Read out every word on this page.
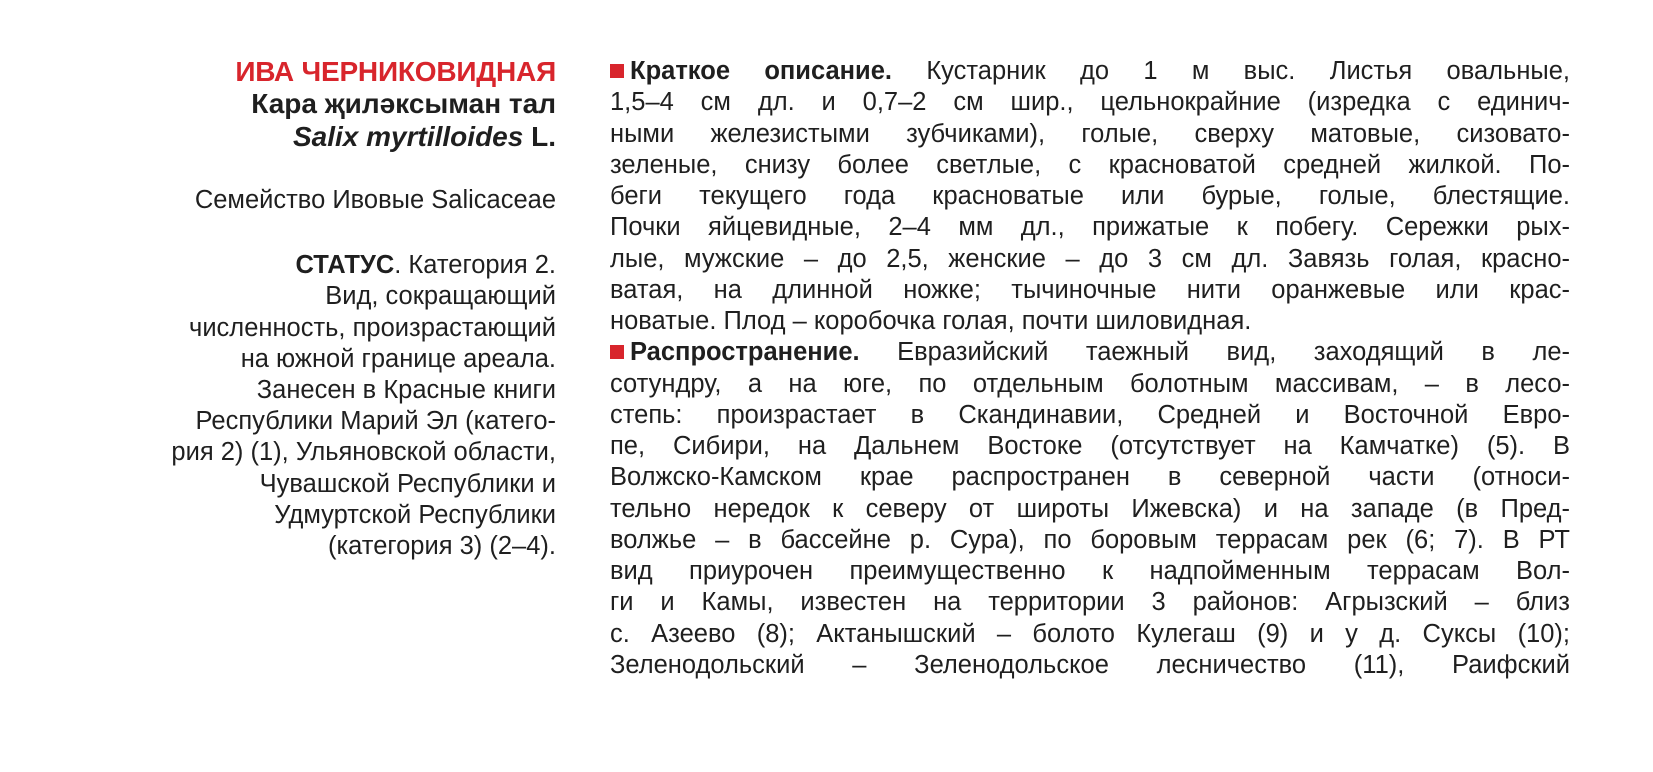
ИВА ЧЕРНИКОВИДНАЯ
Кара җиләксыман тал
Salix myrtilloides L.
Семейство Ивовые Salicaceae
СТАТУС. Категория 2.
Вид, сокращающий
численность, произрастающий
на южной границе ареала.
Занесен в Красные книги
Республики Марий Эл (катего-
рия 2) (1), Ульяновской области,
Чувашской Республики и
Удмуртской Республики
(категория 3) (2–4).
Краткое описание. Кустарник до 1 м выс. Листья овальные,
1,5–4 см дл. и 0,7–2 см шир., цельнокрайние (изредка с единич-
ными железистыми зубчиками), голые, сверху матовые, сизовато-
зеленые, снизу более светлые, с красноватой средней жилкой. По-
беги текущего года красноватые или бурые, голые, блестящие.
Почки яйцевидные, 2–4 мм дл., прижатые к побегу. Сережки рых-
лые, мужские – до 2,5, женские – до 3 см дл. Завязь голая, красно-
ватая, на длинной ножке; тычиночные нити оранжевые или крас-
новатые. Плод – коробочка голая, почти шиловидная.
Распространение. Евразийский таежный вид, заходящий в ле-
сотундру, а на юге, по отдельным болотным массивам, – в лесо-
степь: произрастает в Скандинавии, Средней и Восточной Евро-
пе, Сибири, на Дальнем Востоке (отсутствует на Камчатке) (5). В
Волжско-Камском крае распространен в северной части (относи-
тельно нередок к северу от широты Ижевска) и на западе (в Пред-
волжье – в бассейне р. Сура), по боровым террасам рек (6; 7). В РТ
вид приурочен преимущественно к надпойменным террасам Вол-
ги и Камы, известен на территории 3 районов: Агрызский – близ
с. Азеево (8); Актанышский – болото Кулегаш (9) и у д. Суксы (10);
Зеленодольский – Зеленодольское лесничество (11), Раифский
